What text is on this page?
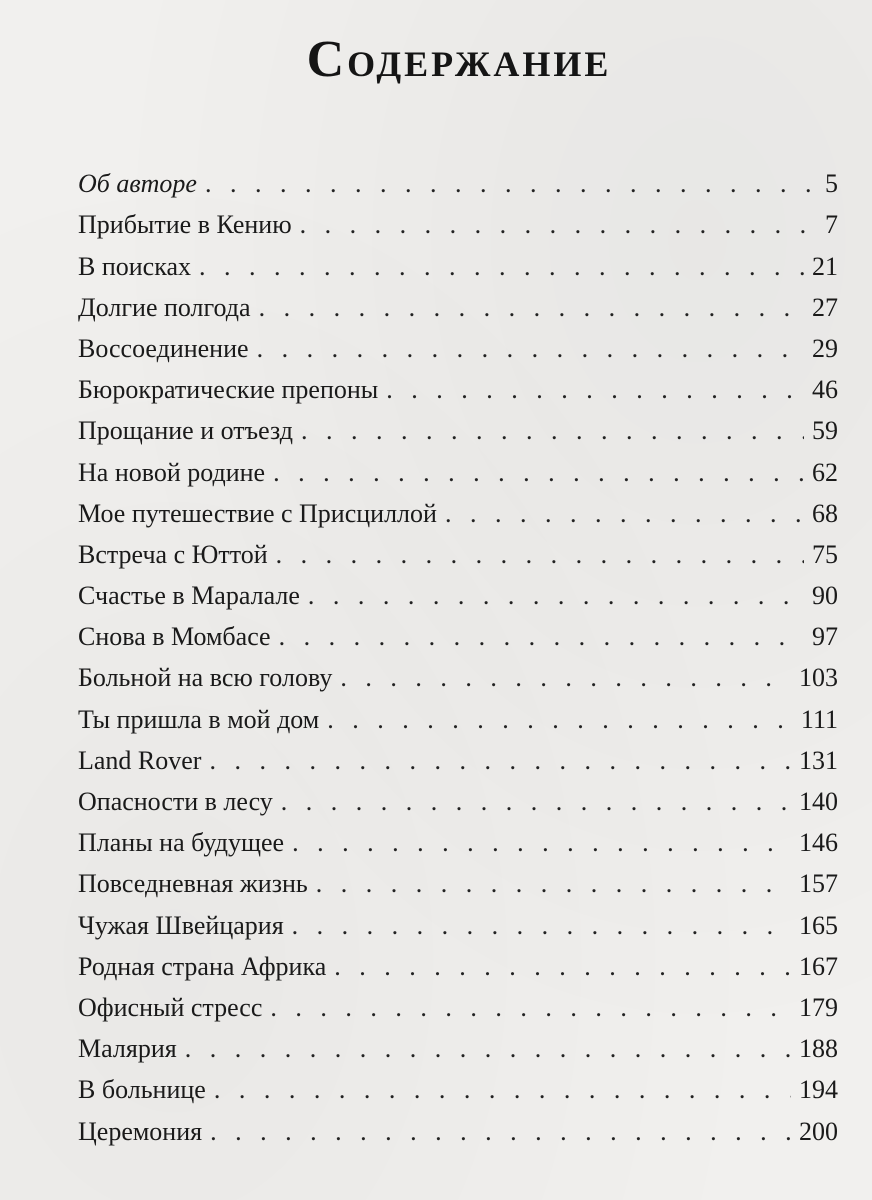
Содержание
Об авторе . . .	5
Прибытие в Кению . . .	7
В поисках . . .	21
Долгие полгода . . .	27
Воссоединение . . .	29
Бюрократические препоны . . .	46
Прощание и отъезд . . .	59
На новой родине . . .	62
Мое путешествие с Присциллой . . .	68
Встреча с Юттой . . .	75
Счастье в Маралале . . .	90
Снова в Момбасе . . .	97
Больной на всю голову . . .	103
Ты пришла в мой дом . . .	111
Land Rover . . .	131
Опасности в лесу . . .	140
Планы на будущее . . .	146
Повседневная жизнь . . .	157
Чужая Швейцария . . .	165
Родная страна Африка . . .	167
Офисный стресс . . .	179
Малярия . . .	188
В больнице . . .	194
Церемония . . .	200
